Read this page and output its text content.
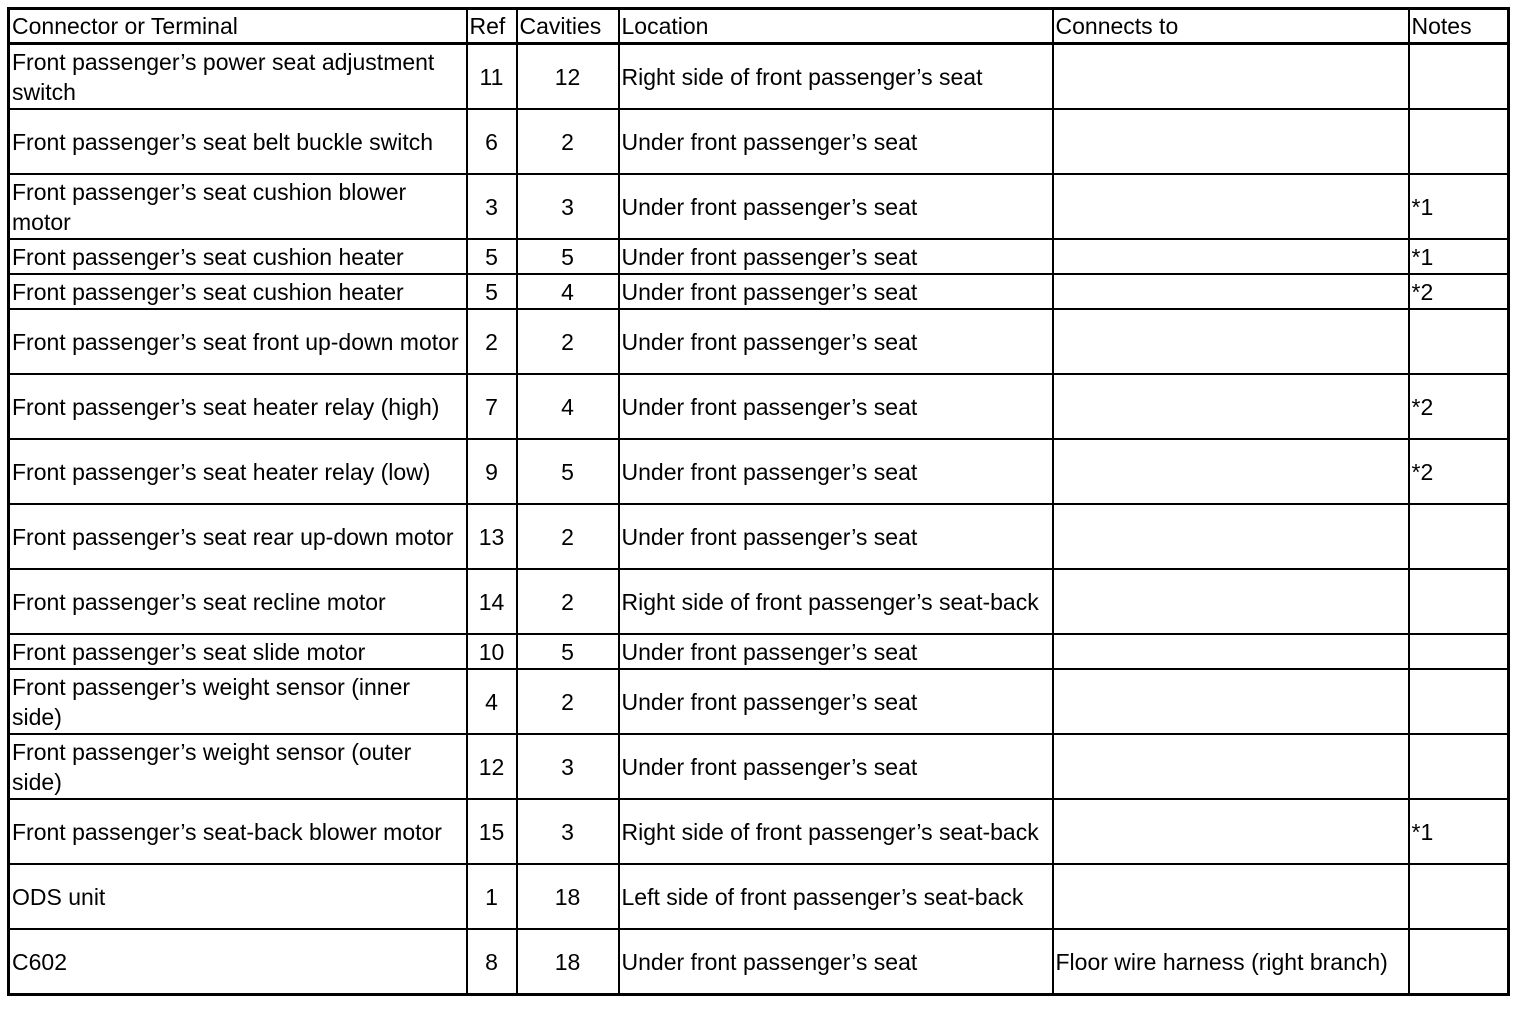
Connector or Terminal	Ref	Cavities	Location	Connects to	Notes
Front passenger’s power seat adjustment switch	11	12	Right side of front passenger’s seat		
Front passenger’s seat belt buckle switch	6	2	Under front passenger’s seat		
Front passenger’s seat cushion blower motor	3	3	Under front passenger’s seat		*1
Front passenger’s seat cushion heater	5	5	Under front passenger’s seat		*1
Front passenger’s seat cushion heater	5	4	Under front passenger’s seat		*2
Front passenger’s seat front up-down motor	2	2	Under front passenger’s seat		
Front passenger’s seat heater relay (high)	7	4	Under front passenger’s seat		*2
Front passenger’s seat heater relay (low)	9	5	Under front passenger’s seat		*2
Front passenger’s seat rear up-down motor	13	2	Under front passenger’s seat		
Front passenger’s seat recline motor	14	2	Right side of front passenger’s seat-back		
Front passenger’s seat slide motor	10	5	Under front passenger’s seat		
Front passenger’s weight sensor (inner side)	4	2	Under front passenger’s seat		
Front passenger’s weight sensor (outer side)	12	3	Under front passenger’s seat		
Front passenger’s seat-back blower motor	15	3	Right side of front passenger’s seat-back		*1
ODS unit	1	18	Left side of front passenger’s seat-back		
C602	8	18	Under front passenger’s seat	Floor wire harness (right branch)	
